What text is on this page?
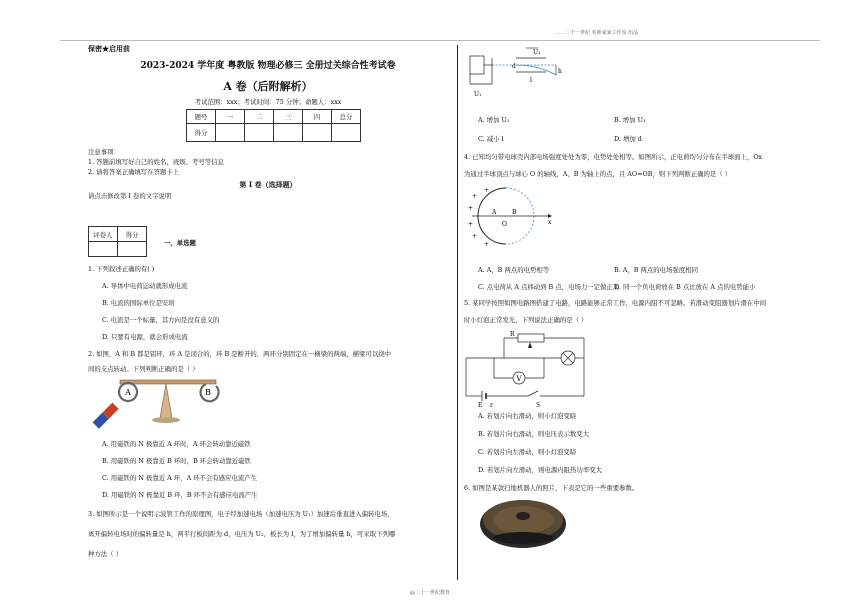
……二十一世纪 名师家家工作室 出品
保密★启用前
2023-2024 学年度 粤教版 物理必修三 全册过关综合性考试卷
A 卷（后附解析）
考试范围：xxx；考试时间：75 分钟；命题人：xxx
题号	一	二	三	四	总分
得分					
注意事项：
1. 答题前填写好自己的姓名、班级、考号等信息
2. 请将答案正确填写在答题卡上
第 I 卷（选择题）
请点击修改第 I 卷的文字说明
评卷人	得分

一、单选题
1. 下列叙述正确的有( )
A. 导体中电荷运动就形成电流
B. 电流的国际单位是安培
C. 电流是一个标量，其方向是没有意义的
D. 只要有电源，就会形成电流
2. 如图，A 和 B 都是铝环，环 A 是闭合的，环 B 是断开的，两环分别固定在一横梁的两端，横梁可以绕中
间的支点转动。下列判断正确的是（ ）
A	B
A. 用磁铁的 N 极靠近 A 环时，A 环会转动靠近磁铁
B. 用磁铁的 N 极靠近 B 环时，B 环会转动靠近磁铁
C. 用磁铁的 N 极靠近 A 环，A 环不会有感应电流产生
D. 用磁铁的 N 极靠近 B 环，B 环不会有感应电流产生
3. 如图所示是一个说明示波管工作的原理图，电子经加速电场（加速电压为 U₁）加速后垂直进入偏转电场，
离开偏转电场时的偏转量是 h，两平行板间距为 d，电压为 U₂，板长为 l，为了增加偏转量 h，可采取下列哪
种方法（ ）
U₁
U₂
d
l
h
A. 增加 U₁	B. 增加 U₁
C. 减小 l	D. 增加 d
4. 已知均匀带电球壳内部电场强度处处为零，电势处处相等。如图所示，正电荷均匀分布在半球面上，Ox
为通过半球顶点与球心 O 的轴线，A、B 为轴上的点，且 AO=OB，则下列判断正确的是（ ）
A	B
O	x
+
+
+
+
+
+
A. A、B 两点的电势相等	B. A、B 两点的电场强度相同
C. 点电荷从 A 点移动到 B 点，电场力一定做正功
D. 同一个负电荷放在 B 点比放在 A 点的电势能小
5. 某同学按照如图电路图搭建了电路，电路能够正常工作，电源内阻不可忽略。若滑动变阻器划片滑在中间
时小灯泡正常发光，下列说法正确的是（ ）
R
V
E r	S
A. 若划片向右滑动，则小灯泡变暗
B. 若划片向右滑动，则电压表示数变大
C. 若划片向左滑动，则小灯泡变暗
D. 若划片向左滑动，则电源内阻热功率变大
6. 如图是某款扫地机器人的照片，下表是它的一些重要参数。
@二十一世纪教育
